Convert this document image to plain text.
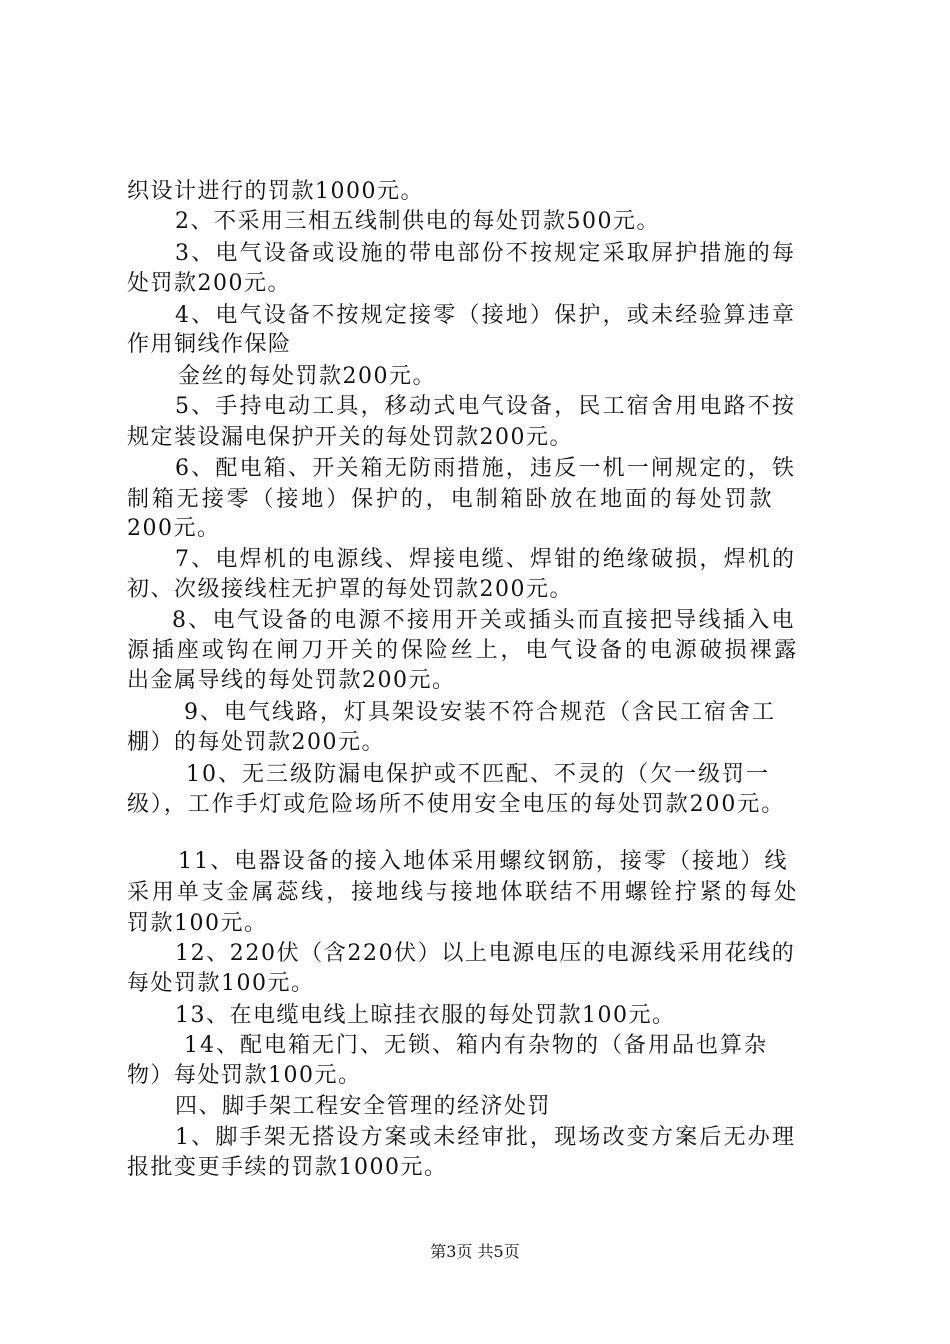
织设计进行的罚款1000元。
2、不采用三相五线制供电的每处罚款500元。
3、电气设备或设施的带电部份不按规定采取屏护措施的每
处罚款200元。
4、电气设备不按规定接零（接地）保护，或未经验算违章
作用铜线作保险
金丝的每处罚款200元。
5、手持电动工具，移动式电气设备，民工宿舍用电路不按
规定装设漏电保护开关的每处罚款200元。
6、配电箱、开关箱无防雨措施，违反一机一闸规定的，铁
制箱无接零（接地）保护的，电制箱卧放在地面的每处罚款
200元。
7、电焊机的电源线、焊接电缆、焊钳的绝缘破损，焊机的
初、次级接线柱无护罩的每处罚款200元。
8、电气设备的电源不接用开关或插头而直接把导线插入电
源插座或钩在闸刀开关的保险丝上，电气设备的电源破损裸露
出金属导线的每处罚款200元。
9、电气线路，灯具架设安装不符合规范（含民工宿舍工
棚）的每处罚款200元。
10、无三级防漏电保护或不匹配、不灵的（欠一级罚一
级），工作手灯或危险场所不使用安全电压的每处罚款200元。
11、电器设备的接入地体采用螺纹钢筋，接零（接地）线
采用单支金属蕊线，接地线与接地体联结不用螺铨拧紧的每处
罚款100元。
12、220伏（含220伏）以上电源电压的电源线采用花线的
每处罚款100元。
13、在电缆电线上晾挂衣服的每处罚款100元。
14、配电箱无门、无锁、箱内有杂物的（备用品也算杂
物）每处罚款100元。
四、脚手架工程安全管理的经济处罚
1、脚手架无搭设方案或未经审批，现场改变方案后无办理
报批变更手续的罚款1000元。
第3页 共5页
